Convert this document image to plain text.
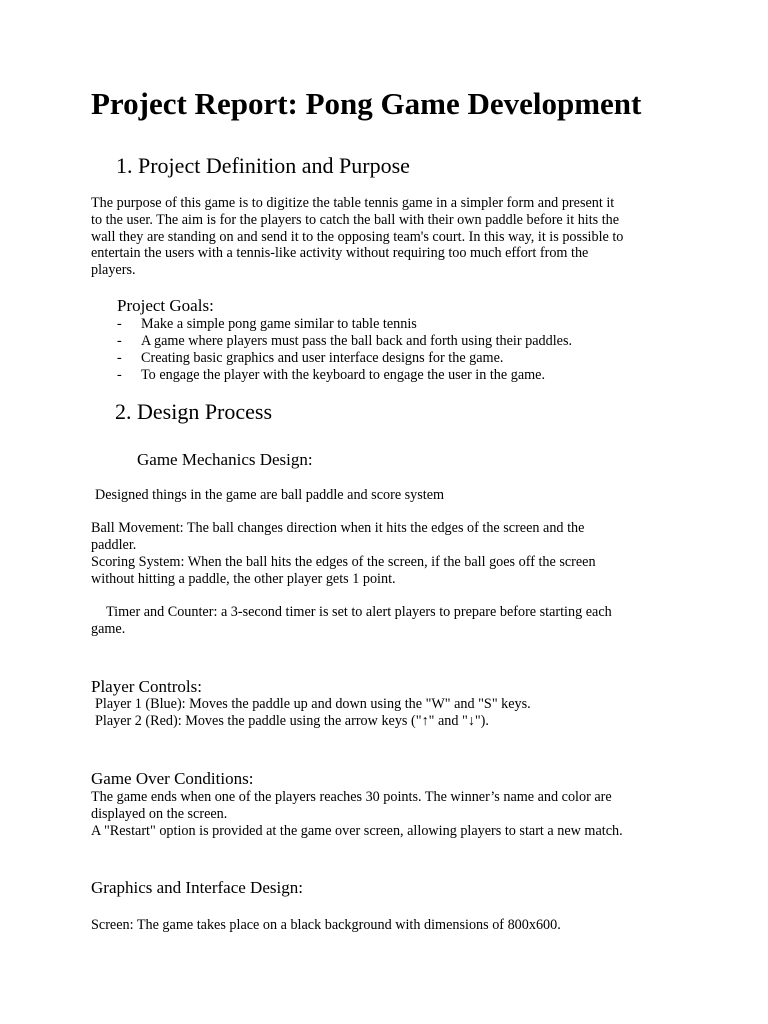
Project Report: Pong Game Development
1. Project Definition and Purpose
The purpose of this game is to digitize the table tennis game in a simpler form and present it
to the user. The aim is for the players to catch the ball with their own paddle before it hits the
wall they are standing on and send it to the opposing team's court. In this way, it is possible to
entertain the users with a tennis-like activity without requiring too much effort from the
players.
Project Goals:
- Make a simple pong game similar to table tennis
- A game where players must pass the ball back and forth using their paddles.
- Creating basic graphics and user interface designs for the game.
- To engage the player with the keyboard to engage the user in the game.
2. Design Process
Game Mechanics Design:
Designed things in the game are ball paddle and score system
Ball Movement: The ball changes direction when it hits the edges of the screen and the
paddler.
Scoring System: When the ball hits the edges of the screen, if the ball goes off the screen
without hitting a paddle, the other player gets 1 point.
Timer and Counter: a 3-second timer is set to alert players to prepare before starting each
game.
Player Controls:
Player 1 (Blue): Moves the paddle up and down using the "W" and "S" keys.
Player 2 (Red): Moves the paddle using the arrow keys ("↑" and "↓").
Game Over Conditions:
The game ends when one of the players reaches 30 points. The winner’s name and color are
displayed on the screen.
A "Restart" option is provided at the game over screen, allowing players to start a new match.
Graphics and Interface Design:
Screen: The game takes place on a black background with dimensions of 800x600.
